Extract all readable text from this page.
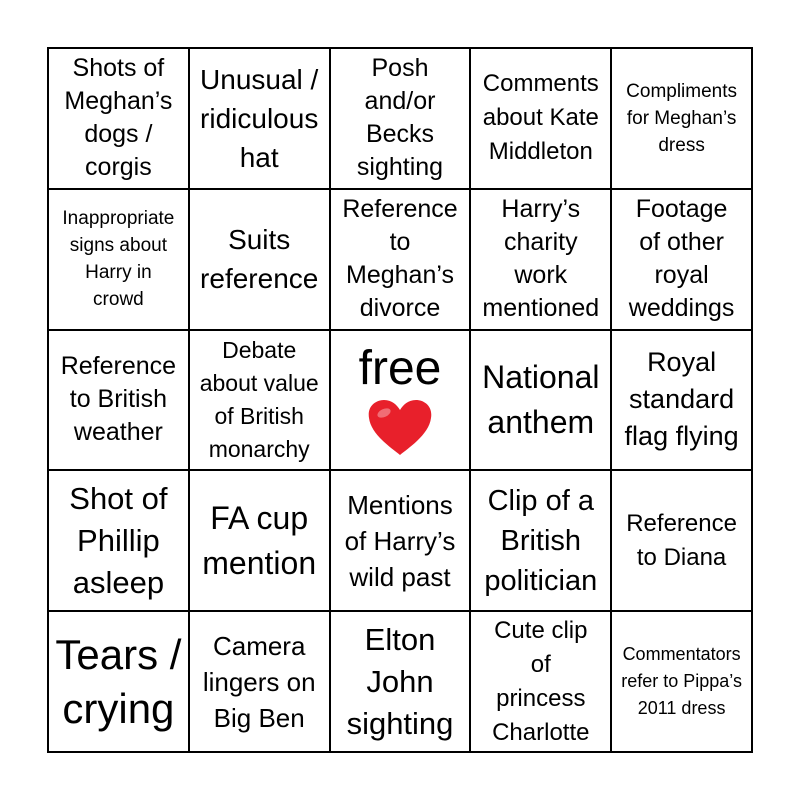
Shots of
Meghan’s
dogs /
corgis
Unusual /
ridiculous
hat
Posh
and/or
Becks
sighting
Comments
about Kate
Middleton
Compliments
for Meghan’s
dress
Inappropriate
signs about
Harry in
crowd
Suits
reference
Reference
to
Meghan’s
divorce
Harry’s
charity
work
mentioned
Footage
of other
royal
weddings
Reference
to British
weather
Debate
about value
of British
monarchy
free National
anthem
Royal
standard
flag flying
Shot of
Phillip
asleep
FA cup
mention
Mentions
of Harry’s
wild past
Clip of a
British
politician
Reference
to Diana
Tears /
crying
Camera
lingers on
Big Ben
Elton
John
sighting
Cute clip
of
princess
Charlotte
Commentators
refer to Pippa’s
2011 dress
